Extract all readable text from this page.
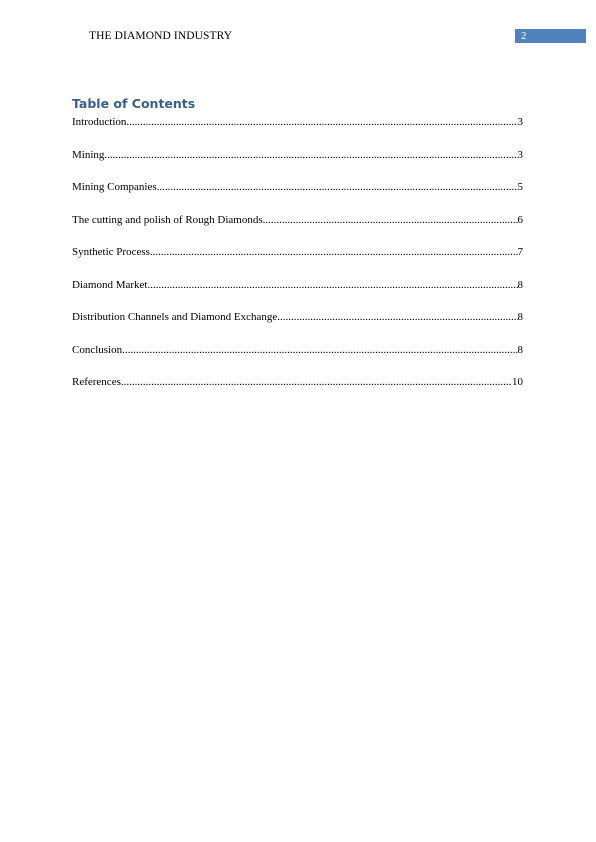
THE DIAMOND INDUSTRY	2
Table of Contents
Introduction .....	3
Mining .....	3
Mining Companies .....	5
The cutting and polish of Rough Diamonds .....	6
Synthetic Process .....	7
Diamond Market .....	8
Distribution Channels and Diamond Exchange .....	8
Conclusion .....	8
References .....	10
